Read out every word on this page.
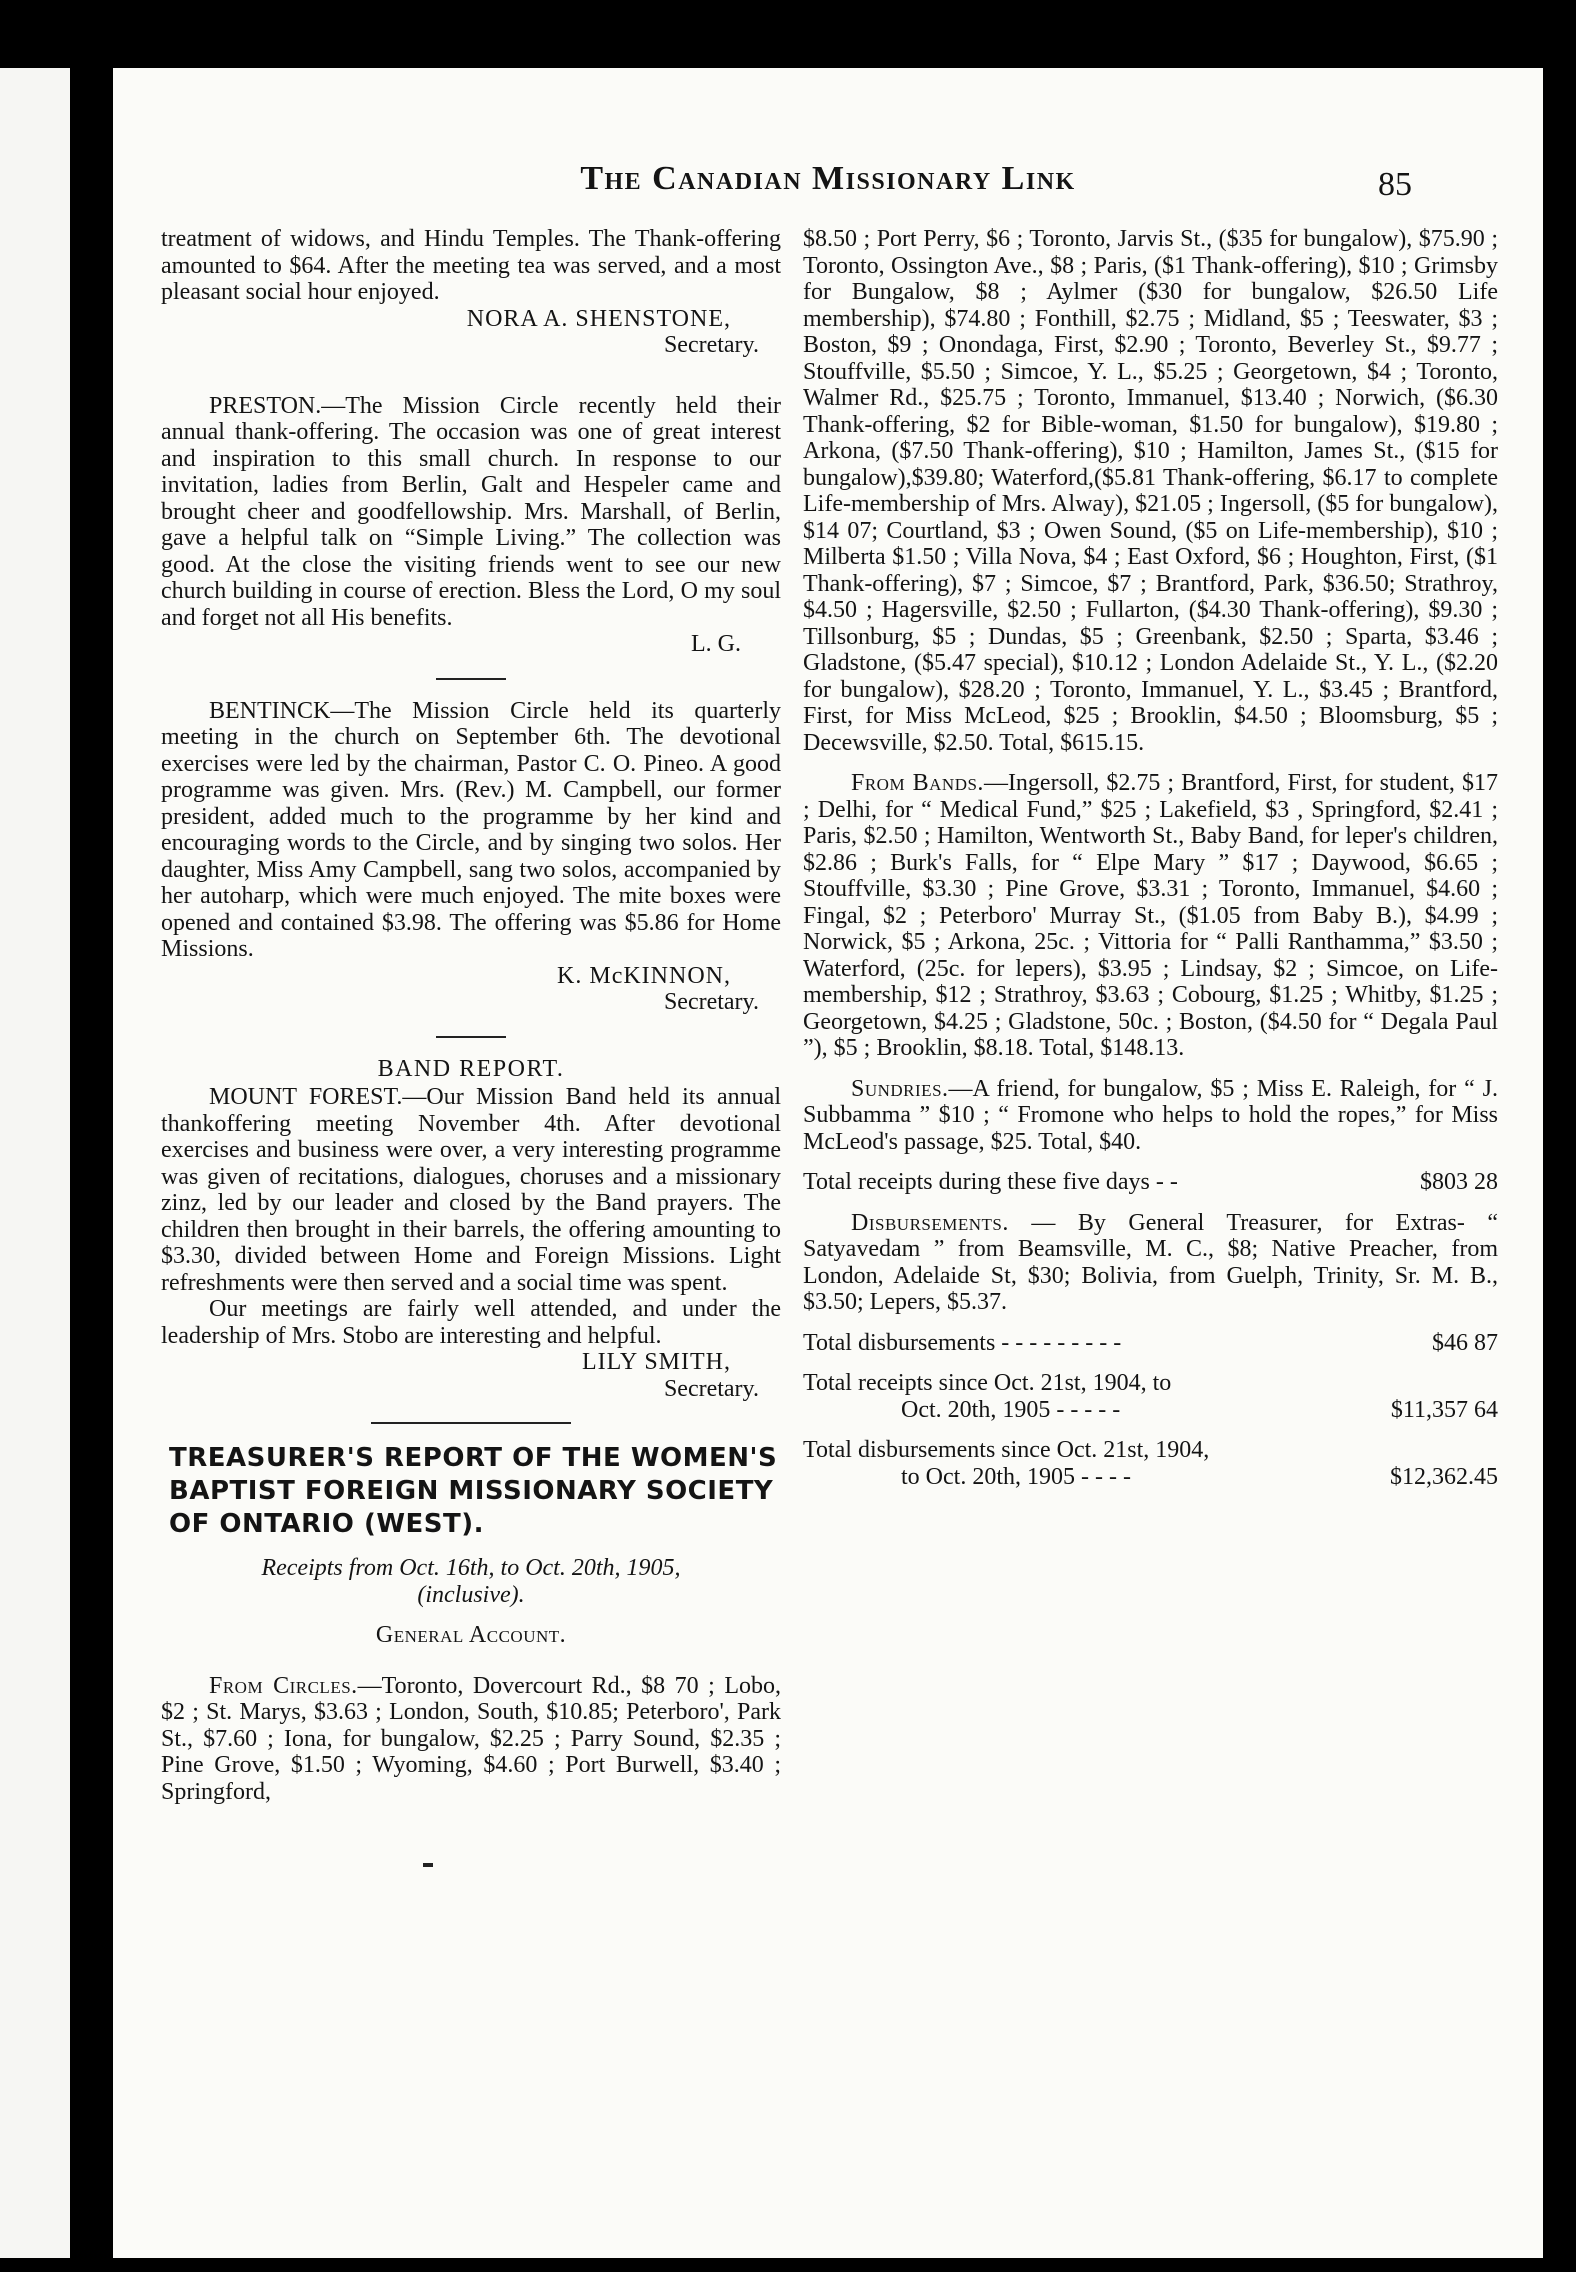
The Canadian Missionary Link	85

treatment of widows, and Hindu Temples. The Thank-offering amounted to $64. After the meeting tea was served, and a most pleasant social hour enjoyed.

NORA A. SHENSTONE,
Secretary.

PRESTON.—The Mission Circle recently held their annual thank-offering. The occasion was one of great interest and inspiration to this small church. In response to our invitation, ladies from Berlin, Galt and Hespeler came and brought cheer and goodfellowship. Mrs. Marshall, of Berlin, gave a helpful talk on “Simple Living.” The collection was good. At the close the visiting friends went to see our new church building in course of erection. Bless the Lord, O my soul and forget not all His benefits.

L. G.

BENTINCK—The Mission Circle held its quarterly meeting in the church on September 6th. The devotional exercises were led by the chairman, Pastor C. O. Pineo. A good programme was given. Mrs. (Rev.) M. Campbell, our former president, added much to the programme by her kind and encouraging words to the Circle, and by singing two solos. Her daughter, Miss Amy Campbell, sang two solos, accompanied by her autoharp, which were much enjoyed. The mite boxes were opened and contained $3.98. The offering was $5.86 for Home Missions.

K. McKINNON,
Secretary.
BAND REPORT.

MOUNT FOREST.—Our Mission Band held its annual thankoffering meeting November 4th. After devotional exercises and business were over, a very interesting programme was given of recitations, dialogues, choruses and a missionary zinz, led by our leader and closed by the Band prayers. The children then brought in their barrels, the offering amounting to $3.30, divided between Home and Foreign Missions. Light refreshments were then served and a social time was spent.

Our meetings are fairly well attended, and under the leadership of Mrs. Stobo are interesting and helpful.

LILY SMITH,
Secretary.
TREASURER'S REPORT OF THE WOMEN'S BAPTIST FOREIGN MISSIONARY SOCIETY OF ONTARIO (WEST).
Receipts from Oct. 16th, to Oct. 20th, 1905,
(inclusive).
General Account.

From Circles.—Toronto, Dovercourt Rd., $8 70 ; Lobo, $2 ; St. Marys, $3.63 ; London, South, $10.85; Peterboro', Park St., $7.60 ; Iona, for bungalow, $2.25 ; Parry Sound, $2.35 ; Pine Grove, $1.50 ; Wyoming, $4.60 ; Port Burwell, $3.40 ; Springford,

$8.50 ; Port Perry, $6 ; Toronto, Jarvis St., ($35 for bungalow), $75.90 ; Toronto, Ossington Ave., $8 ; Paris, ($1 Thank-offering), $10 ; Grimsby for Bungalow, $8 ; Aylmer ($30 for bungalow, $26.50 Life membership), $74.80 ; Fonthill, $2.75 ; Midland, $5 ; Teeswater, $3 ; Boston, $9 ; Onondaga, First, $2.90 ; Toronto, Beverley St., $9.77 ; Stouffville, $5.50 ; Simcoe, Y. L., $5.25 ; Georgetown, $4 ; Toronto, Walmer Rd., $25.75 ; Toronto, Immanuel, $13.40 ; Norwich, ($6.30 Thank-offering, $2 for Bible-woman, $1.50 for bungalow), $19.80 ; Arkona, ($7.50 Thank-offering), $10 ; Hamilton, James St., ($15 for bungalow),$39.80; Waterford,($5.81 Thank-offering, $6.17 to complete Life-membership of Mrs. Alway), $21.05 ; Ingersoll, ($5 for bungalow), $14 07; Courtland, $3 ; Owen Sound, ($5 on Life-membership), $10 ; Milberta $1.50 ; Villa Nova, $4 ; East Oxford, $6 ; Houghton, First, ($1 Thank-offering), $7 ; Simcoe, $7 ; Brantford, Park, $36.50; Strathroy, $4.50 ; Hagersville, $2.50 ; Fullarton, ($4.30 Thank-offering), $9.30 ; Tillsonburg, $5 ; Dundas, $5 ; Greenbank, $2.50 ; Sparta, $3.46 ; Gladstone, ($5.47 special), $10.12 ; London Adelaide St., Y. L., ($2.20 for bungalow), $28.20 ; Toronto, Immanuel, Y. L., $3.45 ; Brantford, First, for Miss McLeod, $25 ; Brooklin, $4.50 ; Bloomsburg, $5 ; Decewsville, $2.50. Total, $615.15.

From Bands.—Ingersoll, $2.75 ; Brantford, First, for student, $17 ; Delhi, for “ Medical Fund,” $25 ; Lakefield, $3 , Springford, $2.41 ; Paris, $2.50 ; Hamilton, Wentworth St., Baby Band, for leper's children, $2.86 ; Burk's Falls, for “ Elpe Mary ” $17 ; Daywood, $6.65 ; Stouffville, $3.30 ; Pine Grove, $3.31 ; Toronto, Immanuel, $4.60 ; Fingal, $2 ; Peterboro' Murray St., ($1.05 from Baby B.), $4.99 ; Norwick, $5 ; Arkona, 25c. ; Vittoria for “ Palli Ranthamma,” $3.50 ; Waterford, (25c. for lepers), $3.95 ; Lindsay, $2 ; Simcoe, on Life-membership, $12 ; Strathroy, $3.63 ; Cobourg, $1.25 ; Whitby, $1.25 ; Georgetown, $4.25 ; Gladstone, 50c. ; Boston, ($4.50 for “ Degala Paul ”), $5 ; Brooklin, $8.18. Total, $148.13.

Sundries.—A friend, for bungalow, $5 ; Miss E. Raleigh, for “ J. Subbamma ” $10 ; “ Fromone who helps to hold the ropes,” for Miss McLeod's passage, $25. Total, $40.

Total receipts during these five days - -	$803 28

Disbursements. — By General Treasurer, for Extras- “ Satyavedam ” from Beamsville, M. C., $8; Native Preacher, from London, Adelaide St, $30; Bolivia, from Guelph, Trinity, Sr. M. B., $3.50; Lepers, $5.37.

Total disbursements - - - - - - - - -	$46 87
Total receipts since Oct. 21st, 1904, to
Oct. 20th, 1905 - - - - -	$11,357 64
Total disbursements since Oct. 21st, 1904,
to Oct. 20th, 1905 - - - -	$12,362.45
